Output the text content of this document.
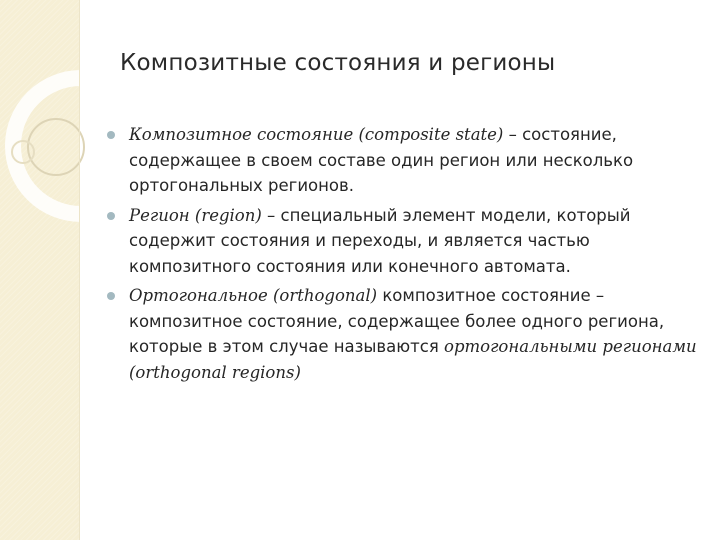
Композитные состояния и регионы
Композитное состояние (composite state) – состояние, содержащее в своем составе один регион или несколько ортогональных регионов.
Регион (region) – специальный элемент модели, который содержит состояния и переходы, и является частью композитного состояния или конечного автомата.
Ортогональное (orthogonal) композитное состояние – композитное состояние, содержащее более одного региона, которые в этом случае называются ортогональными регионами (orthogonal regions)
